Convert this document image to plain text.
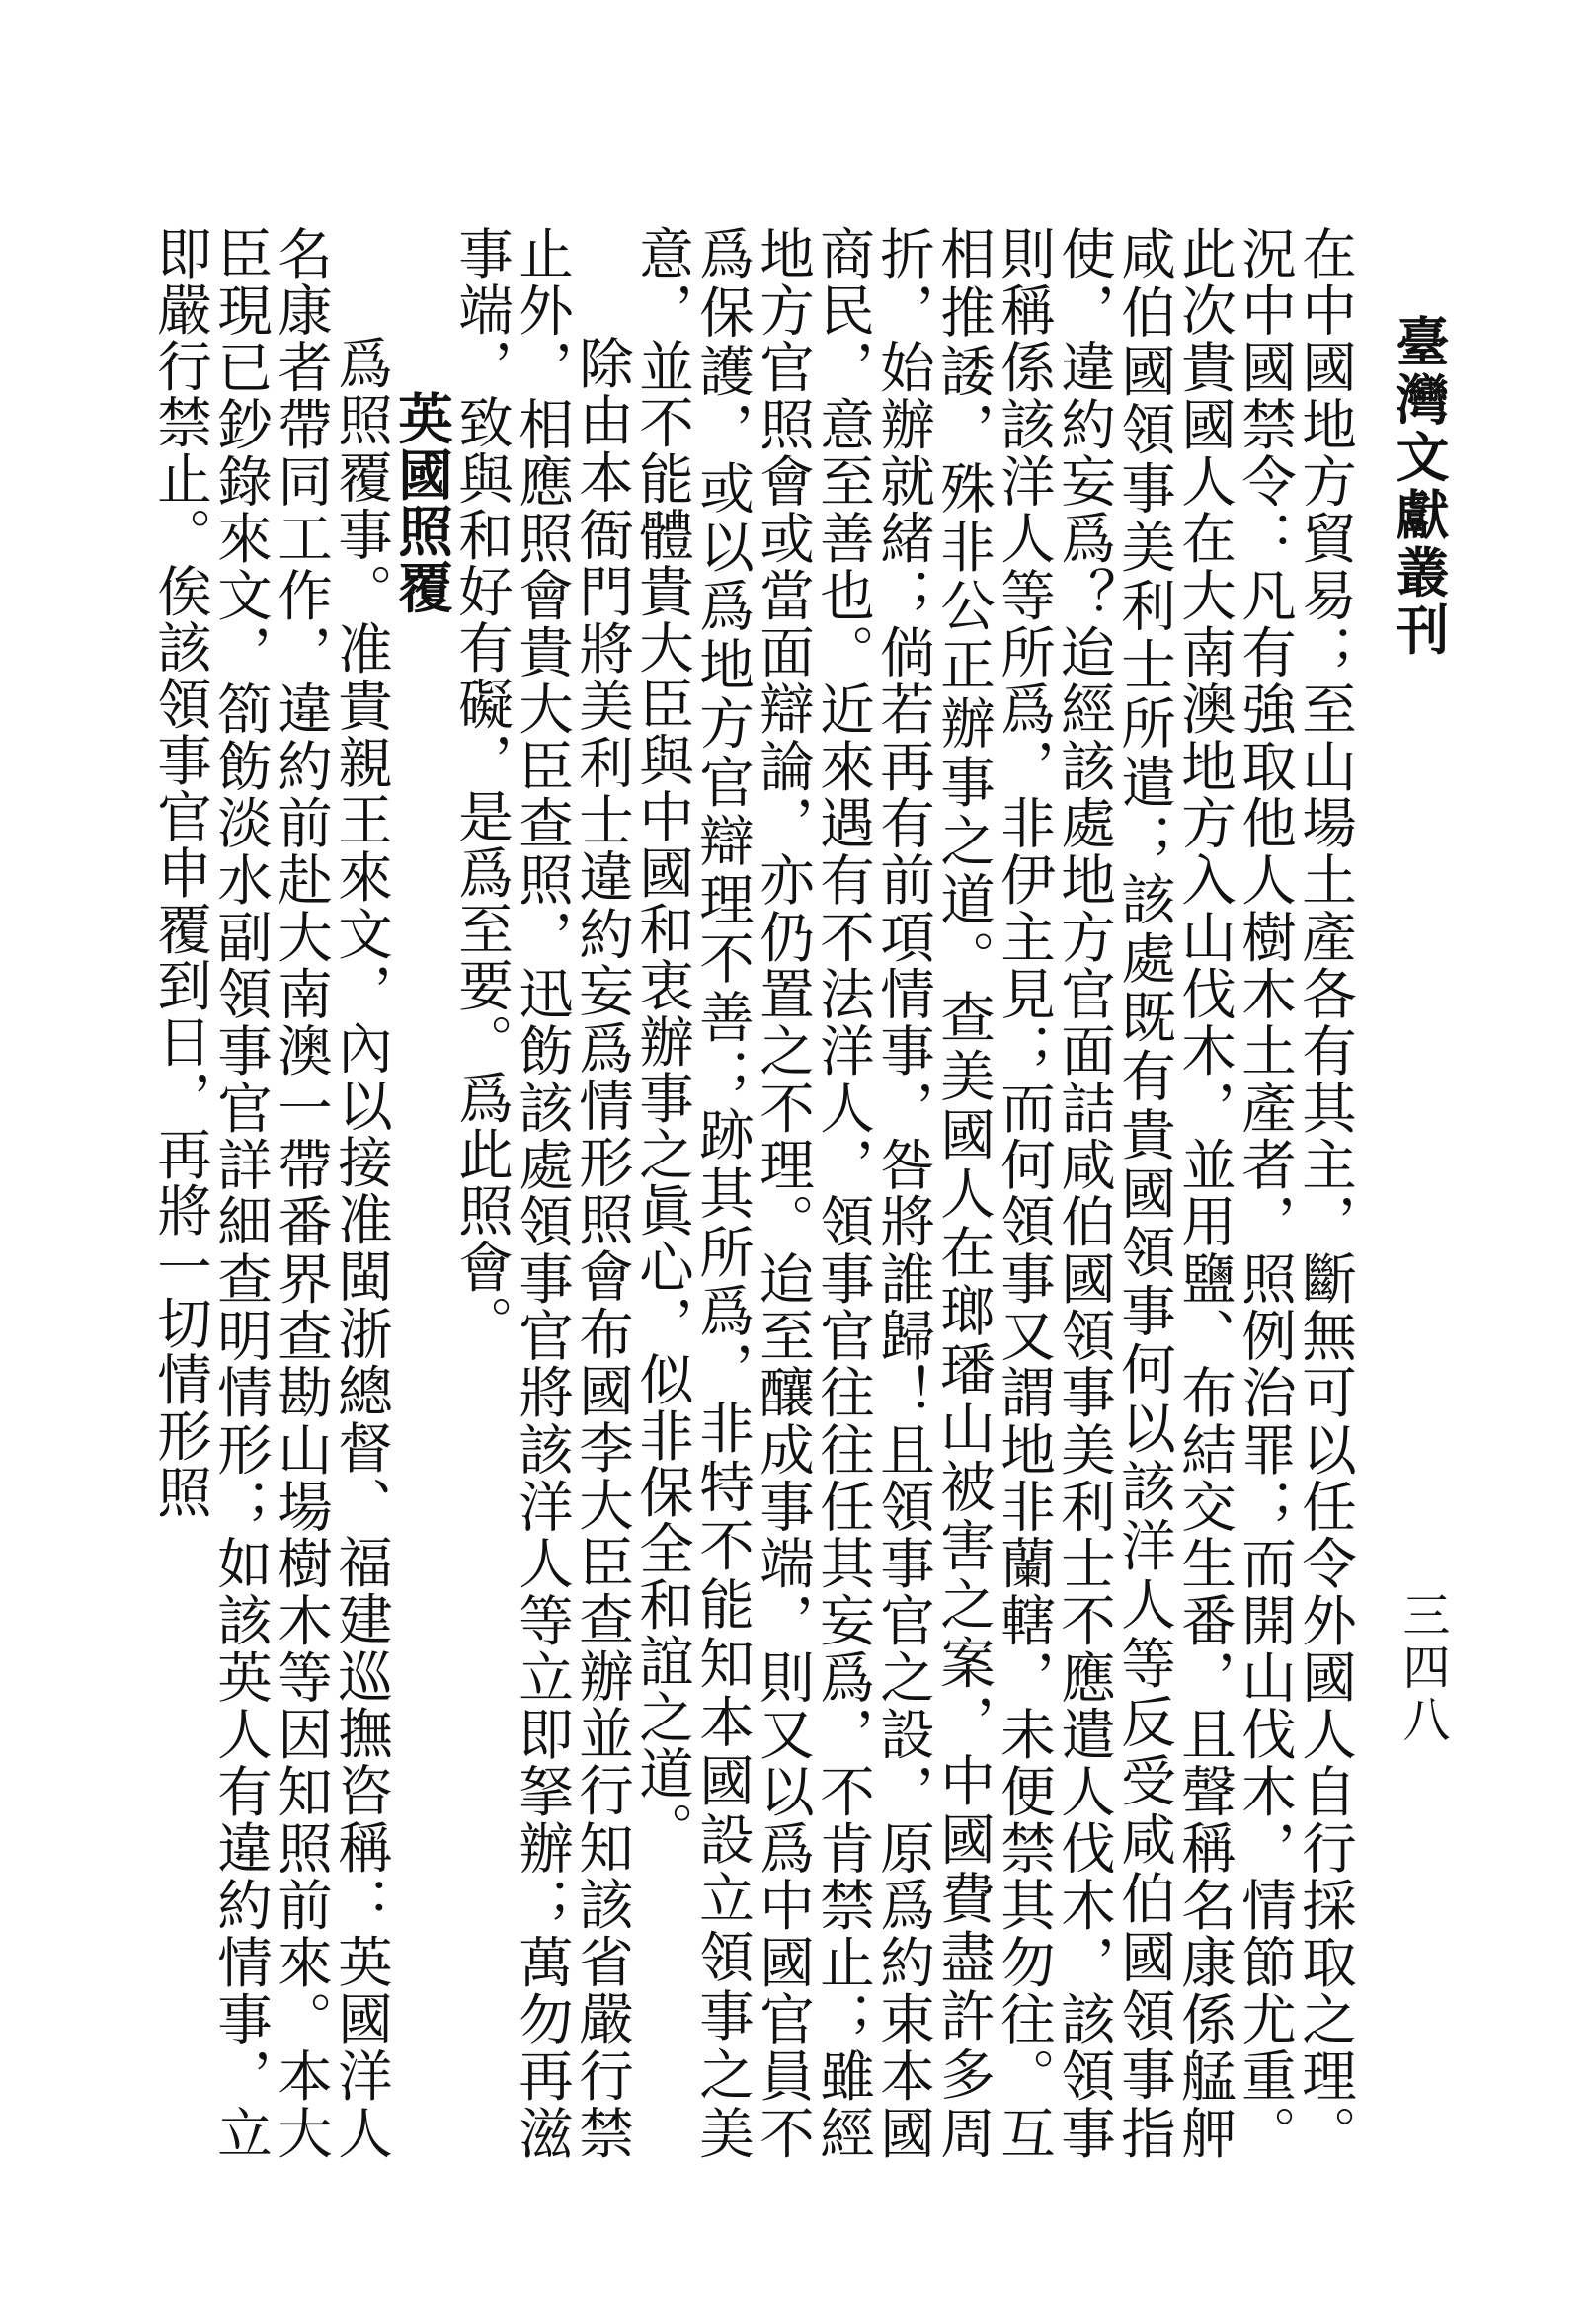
臺灣文獻叢刊
三四八

在中國地方貿易；至山場土產各有其主，斷無可以任令外國人自行採取之理。況中國禁令：凡有強取他人樹木土產者，照例治罪；而開山伐木，情節尤重。此次貴國人在大南澳地方入山伐木，並用鹽、布結交生番，且聲稱名康係艋舺咸伯國領事美利士所遣；該處既有貴國領事何以該洋人等反受咸伯國領事指使，違約妄爲？迨經該處地方官面詰咸伯國領事美利士不應遣人伐木，該領事則稱係該洋人等所爲，非伊主見；而何領事又謂地非蘭轄，未便禁其勿往。互相推諉，殊非公正辦事之道。查美國人在瑯璠山被害之案，中國費盡許多周折，始辦就緒；倘若再有前項情事，咎將誰歸！且領事官之設，原爲約束本國商民，意至善也。近來遇有不法洋人，領事官往往任其妄爲，不肯禁止；雖經地方官照會或當面辯論，亦仍置之不理。迨至釀成事端，則又以爲中國官員不爲保護，或以爲地方官辯理不善；跡其所爲，非特不能知本國設立領事之美意，並不能體貴大臣與中國和衷辦事之眞心，似非保全和誼之道。

除由本衙門將美利士違約妄爲情形照會布國李大臣查辦並行知該省嚴行禁止外，相應照會貴大臣查照，迅飭該處領事官將該洋人等立即拏辦；萬勿再滋事端，致與和好有礙，是爲至要。爲此照會。

英國照覆

爲照覆事。准貴親王來文，內以接准閩浙總督、福建巡撫咨稱：英國洋人名康者帶同工作，違約前赴大南澳一帶番界查勘山場樹木等因知照前來。本大臣現已鈔錄來文，箚飭淡水副領事官詳細查明情形；如該英人有違約情事，立即嚴行禁止。俟該領事官申覆到日，再將一切情形照
